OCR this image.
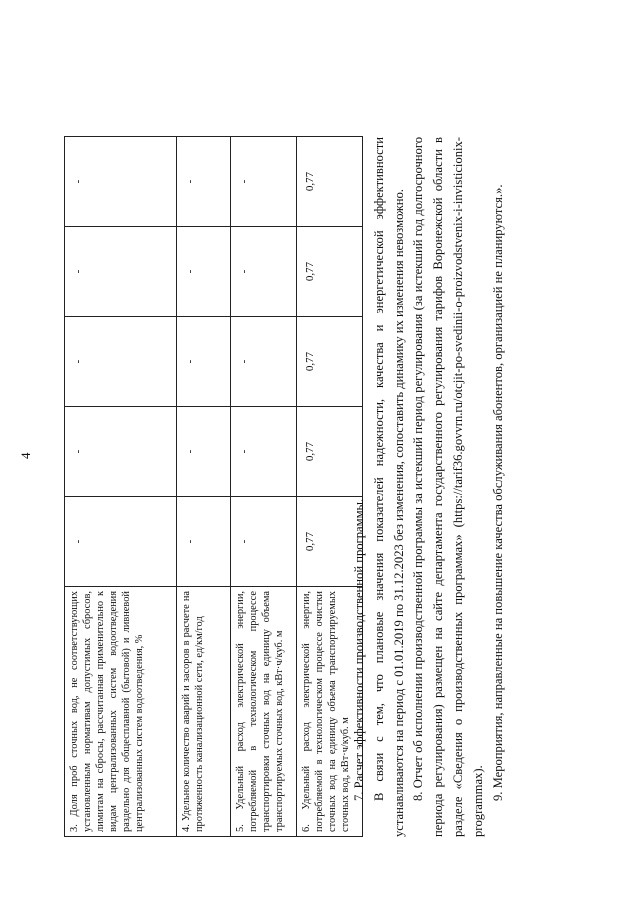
4
3. Доля проб сточных вод, не соответствующих установленным нормативам допустимых сбросов, лимитам на сбросы, рассчитанная применительно к видам централизованных систем водоотведения раздельно для общесплавной (бытовой) и ливневой централизованных систем водоотведения, %	-	-	-	-	-
4. Удельное количество аварий и засоров в расчете на протяженность канализационной сети, ед/км/год	-	-	-	-	-
5. Удельный расход электрической энергии, потребляемой в технологическом процессе транспортировки сточных вод на единицу объема транспортируемых сточных вод, кВт·ч/куб. м	-	-	-	-	-
6. Удельный расход электрической энергии, потребляемой в технологическом процессе очистки сточных вод на единицу объема транспортируемых сточных вод, кВт·ч/куб. м	0,77	0,77	0,77	0,77	0,77

7. Расчет эффективности производственной программы. В связи с тем, что плановые значения показателей надежности, качества и энергетической эффективности устанавливаются на период с 01.01.2019 по 31.12.2023 без изменения, сопоставить динамику их изменения невозможно. 8. Отчет об исполнении производственной программы за истекший период регулирования (за истекший год долгосрочного периода регулирования) размещен на сайте департамента государственного регулирования тарифов Воронежской области в разделе «Сведения о производственных программах» (https://tarif36.govvrn.ru/otcjit-po-svedinii-o-proizvodstvenix-i-invisticionix-programmax).

9. Мероприятия, направленные на повышение качества обслуживания абонентов, организацией не планируются.».
